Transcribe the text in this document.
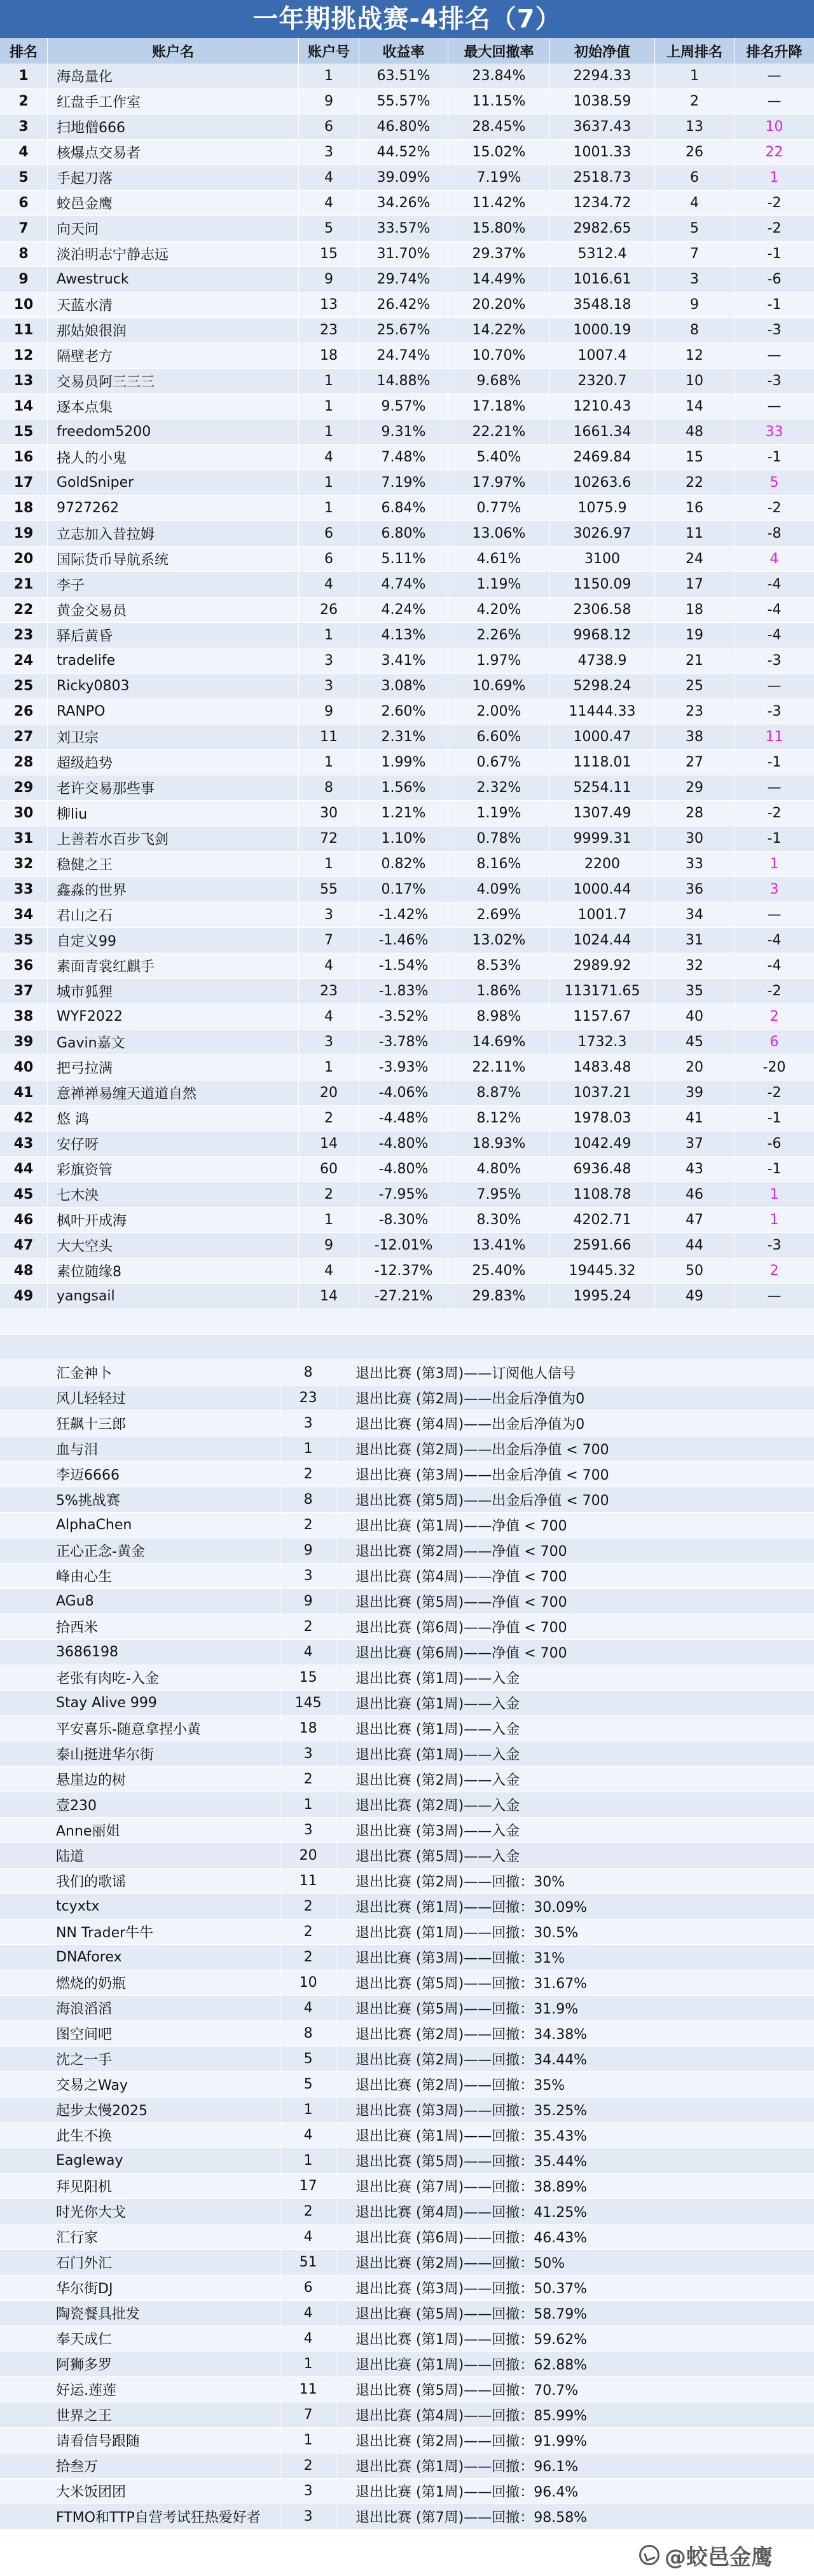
一年期挑战赛-4排名（7）
排名	账户名	账户号	收益率	最大回撤率	初始净值	上周排名	排名升降
1	海岛量化	1	63.51%	23.84%	2294.33	1	—
2	红盘手工作室	9	55.57%	11.15%	1038.59	2	—
3	扫地僧666	6	46.80%	28.45%	3637.43	13	10
4	核爆点交易者	3	44.52%	15.02%	1001.33	26	22
5	手起刀落	4	39.09%	7.19%	2518.73	6	1
6	蛟邑金鹰	4	34.26%	11.42%	1234.72	4	-2
7	向天问	5	33.57%	15.80%	2982.65	5	-2
8	淡泊明志宁静志远	15	31.70%	29.37%	5312.4	7	-1
9	Awestruck	9	29.74%	14.49%	1016.61	3	-6
10	天蓝水清	13	26.42%	20.20%	3548.18	9	-1
11	那姑娘很润	23	25.67%	14.22%	1000.19	8	-3
12	隔壁老方	18	24.74%	10.70%	1007.4	12	—
13	交易员阿三三三	1	14.88%	9.68%	2320.7	10	-3
14	逐本点集	1	9.57%	17.18%	1210.43	14	—
15	freedom5200	1	9.31%	22.21%	1661.34	48	33
16	挠人的小鬼	4	7.48%	5.40%	2469.84	15	-1
17	GoldSniper	1	7.19%	17.97%	10263.6	22	5
18	9727262	1	6.84%	0.77%	1075.9	16	-2
19	立志加入昔拉姆	6	6.80%	13.06%	3026.97	11	-8
20	国际货币导航系统	6	5.11%	4.61%	3100	24	4
21	李子	4	4.74%	1.19%	1150.09	17	-4
22	黄金交易员	26	4.24%	4.20%	2306.58	18	-4
23	驿后黄昏	1	4.13%	2.26%	9968.12	19	-4
24	tradelife	3	3.41%	1.97%	4738.9	21	-3
25	Ricky0803	3	3.08%	10.69%	5298.24	25	—
26	RANPO	9	2.60%	2.00%	11444.33	23	-3
27	刘卫宗	11	2.31%	6.60%	1000.47	38	11
28	超级趋势	1	1.99%	0.67%	1118.01	27	-1
29	老许交易那些事	8	1.56%	2.32%	5254.11	29	—
30	柳liu	30	1.21%	1.19%	1307.49	28	-2
31	上善若水百步飞剑	72	1.10%	0.78%	9999.31	30	-1
32	稳健之王	1	0.82%	8.16%	2200	33	1
33	鑫淼的世界	55	0.17%	4.09%	1000.44	36	3
34	君山之石	3	-1.42%	2.69%	1001.7	34	—
35	自定义99	7	-1.46%	13.02%	1024.44	31	-4
36	素面青裳红麒手	4	-1.54%	8.53%	2989.92	32	-4
37	城市狐狸	23	-1.83%	1.86%	113171.65	35	-2
38	WYF2022	4	-3.52%	8.98%	1157.67	40	2
39	Gavin嘉文	3	-3.78%	14.69%	1732.3	45	6
40	把弓拉满	1	-3.93%	22.11%	1483.48	20	-20
41	意禅禅易缠天道道自然	20	-4.06%	8.87%	1037.21	39	-2
42	悠 鸿	2	-4.48%	8.12%	1978.03	41	-1
43	安仔呀	14	-4.80%	18.93%	1042.49	37	-6
44	彩旗资管	60	-4.80%	4.80%	6936.48	43	-1
45	七木泱	2	-7.95%	7.95%	1108.78	46	1
46	枫叶开成海	1	-8.30%	8.30%	4202.71	47	1
47	大大空头	9	-12.01%	13.41%	2591.66	44	-3
48	素位随缘8	4	-12.37%	25.40%	19445.32	50	2
49	yangsail	14	-27.21%	29.83%	1995.24	49	—
汇金神卜	8	退出比赛 (第3周)——订阅他人信号
风儿轻轻过	23	退出比赛 (第2周)——出金后净值为0
狂飙十三郎	3	退出比赛 (第4周)——出金后净值为0
血与泪	1	退出比赛 (第2周)——出金后净值 < 700
李迈6666	2	退出比赛 (第3周)——出金后净值 < 700
5%挑战赛	8	退出比赛 (第5周)——出金后净值 < 700
AlphaChen	2	退出比赛 (第1周)——净值 < 700
正心正念-黄金	9	退出比赛 (第2周)——净值 < 700
峰由心生	3	退出比赛 (第4周)——净值 < 700
AGu8	9	退出比赛 (第5周)——净值 < 700
拾西米	2	退出比赛 (第6周)——净值 < 700
3686198	4	退出比赛 (第6周)——净值 < 700
老张有肉吃-入金	15	退出比赛 (第1周)——入金
Stay Alive 999	145	退出比赛 (第1周)——入金
平安喜乐-随意拿捏小黄	18	退出比赛 (第1周)——入金
泰山挺进华尔街	3	退出比赛 (第1周)——入金
悬崖边的树	2	退出比赛 (第2周)——入金
壹230	1	退出比赛 (第2周)——入金
Anne丽姐	3	退出比赛 (第3周)——入金
陆道	20	退出比赛 (第5周)——入金
我们的歌谣	11	退出比赛 (第2周)——回撤：30%
tcyxtx	2	退出比赛 (第1周)——回撤：30.09%
NN Trader牛牛	2	退出比赛 (第1周)——回撤：30.5%
DNAforex	2	退出比赛 (第3周)——回撤：31%
燃烧的奶瓶	10	退出比赛 (第5周)——回撤：31.67%
海浪滔滔	4	退出比赛 (第5周)——回撤：31.9%
图空间吧	8	退出比赛 (第2周)——回撤：34.38%
沈之一手	5	退出比赛 (第2周)——回撤：34.44%
交易之Way	5	退出比赛 (第2周)——回撤：35%
起步太慢2025	1	退出比赛 (第3周)——回撤：35.25%
此生不换	4	退出比赛 (第1周)——回撤：35.43%
Eagleway	1	退出比赛 (第5周)——回撤：35.44%
拜见阳机	17	退出比赛 (第7周)——回撤：38.89%
时光你大戈	2	退出比赛 (第4周)——回撤：41.25%
汇行家	4	退出比赛 (第6周)——回撤：46.43%
石门外汇	51	退出比赛 (第2周)——回撤：50%
华尔街DJ	6	退出比赛 (第3周)——回撤：50.37%
陶瓷餐具批发	4	退出比赛 (第5周)——回撤：58.79%
奉天成仁	4	退出比赛 (第1周)——回撤：59.62%
阿狮多罗	1	退出比赛 (第1周)——回撤：62.88%
好运.莲莲	11	退出比赛 (第5周)——回撤：70.7%
世界之王	7	退出比赛 (第4周)——回撤：85.99%
请看信号跟随	1	退出比赛 (第2周)——回撤：91.99%
拾叁万	2	退出比赛 (第1周)——回撤：96.1%
大米饭团团	3	退出比赛 (第1周)——回撤：96.4%
FTMO和TTP自营考试狂热爱好者	3	退出比赛 (第7周)——回撤：98.58%
@蛟邑金鹰
